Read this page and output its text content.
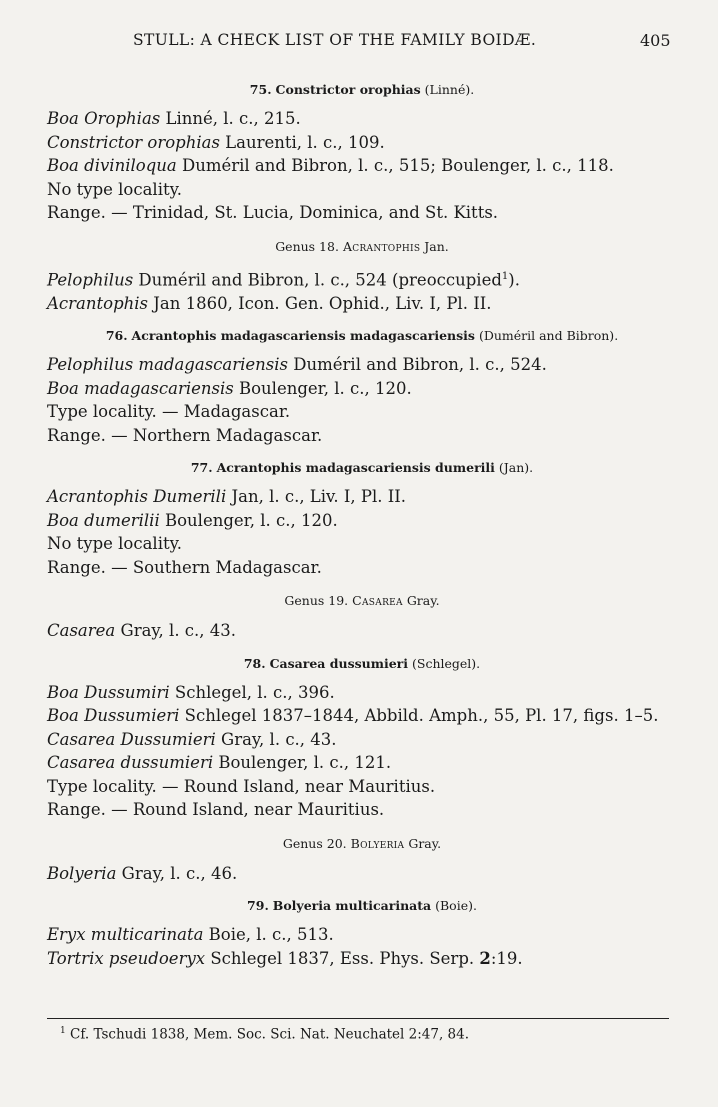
STULL: A CHECK LIST OF THE FAMILY BOIDÆ.	405

75. Constrictor orophias (Linné).

Boa Orophias Linné, l. c., 215.

Constrictor orophias Laurenti, l. c., 109.

Boa diviniloqua Duméril and Bibron, l. c., 515; Boulenger, l. c., 118.

No type locality.

Range. — Trinidad, St. Lucia, Dominica, and St. Kitts.

Genus 18. Acrantophis Jan.

Pelophilus Duméril and Bibron, l. c., 524 (preoccupied$^1$).

Acrantophis Jan 1860, Icon. Gen. Ophid., Liv. I, Pl. II.

76. Acrantophis madagascariensis madagascariensis (Duméril and Bibron).

Pelophilus madagascariensis Duméril and Bibron, l. c., 524.

Boa madagascariensis Boulenger, l. c., 120.

Type locality. — Madagascar.

Range. — Northern Madagascar.

77. Acrantophis madagascariensis dumerili (Jan).

Acrantophis Dumerili Jan, l. c., Liv. I, Pl. II.

Boa dumerilii Boulenger, l. c., 120.

No type locality.

Range. — Southern Madagascar.

Genus 19. Casarea Gray.

Casarea Gray, l. c., 43.

78. Casarea dussumieri (Schlegel).

Boa Dussumiri Schlegel, l. c., 396.

Boa Dussumieri Schlegel 1837–1844, Abbild. Amph., 55, Pl. 17, figs. 1–5.

Casarea Dussumieri Gray, l. c., 43.

Casarea dussumieri Boulenger, l. c., 121.

Type locality. — Round Island, near Mauritius.

Range. — Round Island, near Mauritius.

Genus 20. Bolyeria Gray.

Bolyeria Gray, l. c., 46.

79. Bolyeria multicarinata (Boie).

Eryx multicarinata Boie, l. c., 513.

Tortrix pseudoeryx Schlegel 1837, Ess. Phys. Serp. 2:19.

$^1$ Cf. Tschudi 1838, Mem. Soc. Sci. Nat. Neuchatel 2:47, 84.
